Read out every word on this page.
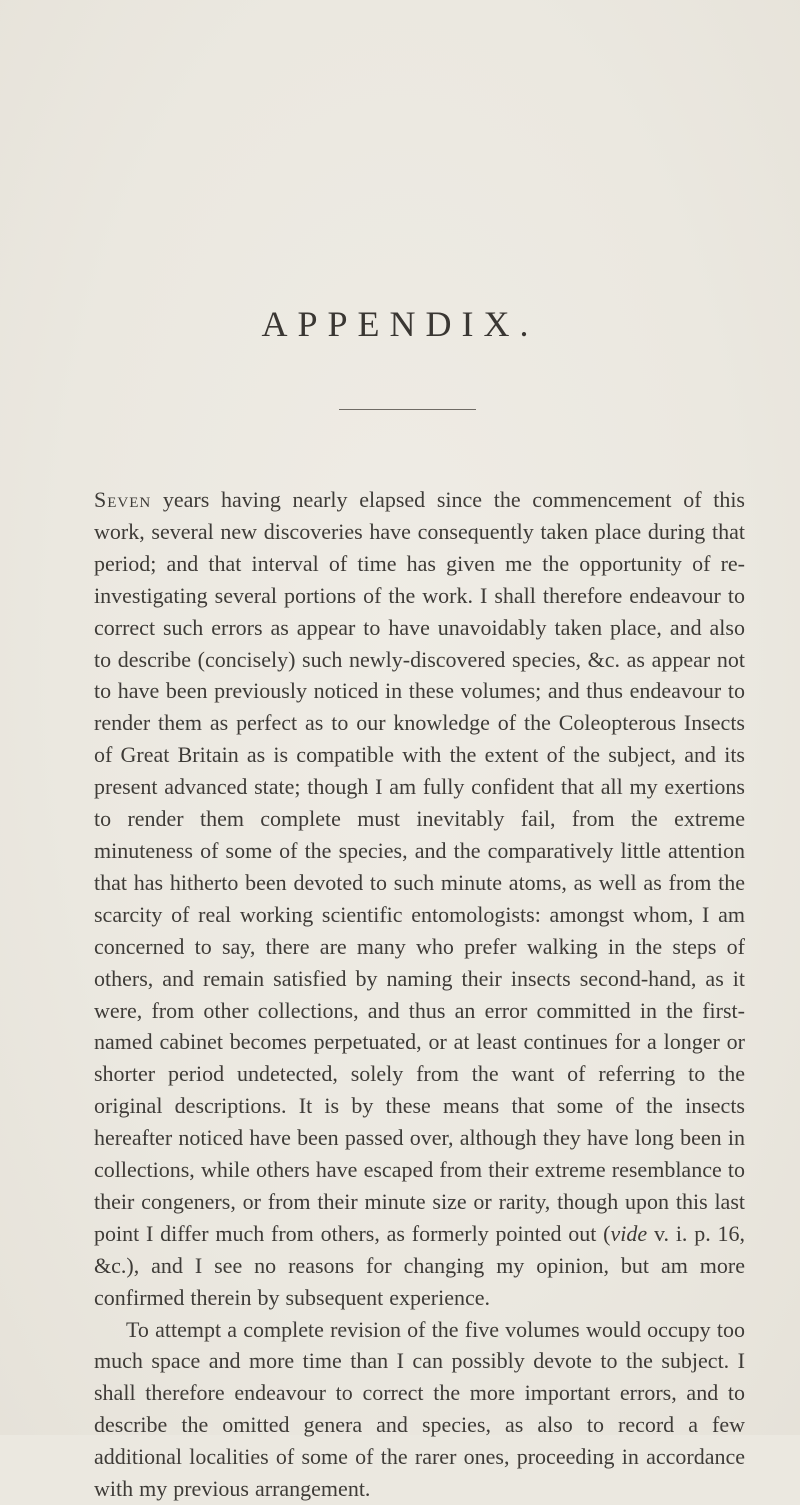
APPENDIX.

Seven years having nearly elapsed since the commencement of this work, several new discoveries have consequently taken place during that period; and that interval of time has given me the opportunity of re-investigating several portions of the work. I shall therefore endeavour to correct such errors as appear to have unavoidably taken place, and also to describe (concisely) such newly-discovered species, &c. as appear not to have been previously noticed in these volumes; and thus endeavour to render them as perfect as to our knowledge of the Coleopterous Insects of Great Britain as is compatible with the extent of the subject, and its present advanced state; though I am fully confident that all my exertions to render them complete must inevitably fail, from the extreme minuteness of some of the species, and the comparatively little attention that has hitherto been devoted to such minute atoms, as well as from the scarcity of real working scientific entomologists: amongst whom, I am concerned to say, there are many who prefer walking in the steps of others, and remain satisfied by naming their insects second-hand, as it were, from other collections, and thus an error committed in the first-named cabinet becomes perpetuated, or at least continues for a longer or shorter period undetected, solely from the want of referring to the original descriptions. It is by these means that some of the insects hereafter noticed have been passed over, although they have long been in collections, while others have escaped from their extreme resemblance to their congeners, or from their minute size or rarity, though upon this last point I differ much from others, as formerly pointed out (vide v. i. p. 16, &c.), and I see no reasons for changing my opinion, but am more confirmed therein by subsequent experience.

To attempt a complete revision of the five volumes would occupy too much space and more time than I can possibly devote to the subject. I shall therefore endeavour to correct the more important errors, and to describe the omitted genera and species, as also to record a few additional localities of some of the rarer ones, proceeding in accordance with my previous arrangement.
